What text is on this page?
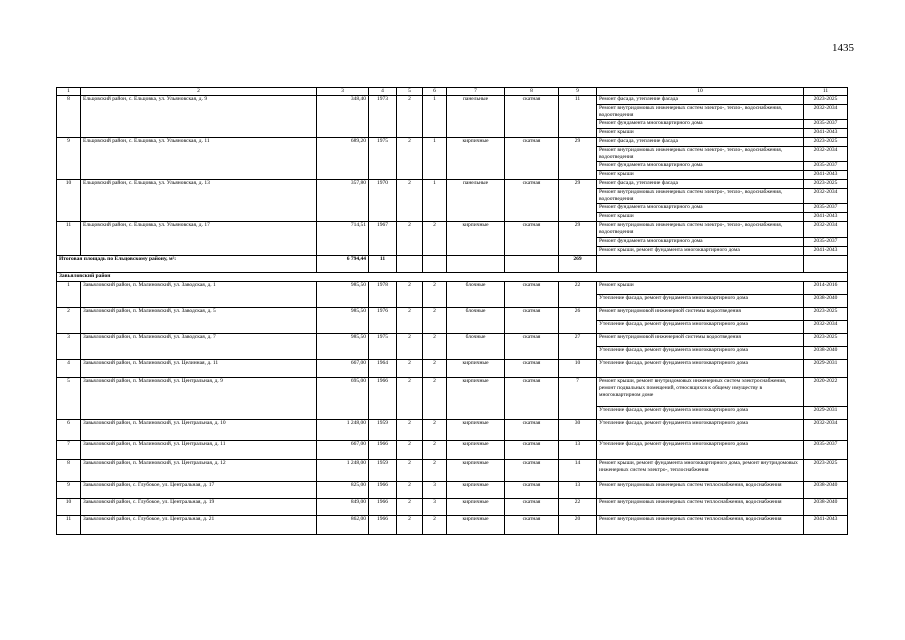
1435
1	2	3	4	5	6	7	8	9	10	11
8	Ельцовский район, с. Ельцовка, ул. Ульяновская, д. 9	348,40	1973	2	1	панельные	скатная	11	Ремонт фасада, утепление фасада	2023-2025
									Ремонт внутридомовых инженерных систем электро-, тепло-, водоснабжения, водоотведения	2032-2034
									Ремонт фундамента многоквартирного дома	2035-2037
									Ремонт крыши	2041-2043
9	Ельцовский район, с. Ельцовка, ул. Ульяновская, д. 11	689,20	1975	2	1	кирпичные	скатная	29	Ремонт фасада, утепление фасада	2023-2025
									Ремонт внутридомовых инженерных систем электро-, тепло-, водоснабжения, водоотведения	2032-2034
									Ремонт фундамента многоквартирного дома	2035-2037
									Ремонт крыши	2041-2043
10	Ельцовский район, с. Ельцовка, ул. Ульяновская, д. 13	357,80	1970	2	1	панельные	скатная	29	Ремонт фасада, утепление фасада	2023-2025
									Ремонт внутридомовых инженерных систем электро-, тепло-, водоснабжения, водоотведения	2032-2034
									Ремонт фундамента многоквартирного дома	2035-2037
									Ремонт крыши	2041-2043
11	Ельцовский район, с. Ельцовка, ул. Ульяновская, д. 17	714,51	1967	2	2	кирпичные	скатная	29	Ремонт внутридомовых инженерных систем электро-, тепло-, водоснабжения, водоотведения	2032-2034
									Ремонт фундамента многоквартирного дома	2035-2037
									Ремонт крыши, ремонт фундамента многоквартирного дома	2041-2043
Итоговая площадь по Ельцовскому району, м²:		6 794,44	11					269		
Завьяловский район										
1	Завьяловский район, п. Малиновский, ул. Заводская, д. 1	985,50	1978	2	2	блочные	скатная	22	Ремонт крыши	2014-2016
									Утепление фасада, ремонт фундамента многоквартирного дома	2038-2040
2	Завьяловский район, п. Малиновский, ул. Заводская, д. 5	985,50	1976	2	2	блочные	скатная	26	Ремонт внутридомовой инженерной системы водоотведения	2023-2025
									Утепление фасада, ремонт фундамента многоквартирного дома	2032-2034
3	Завьяловский район, п. Малиновский, ул. Заводская, д. 7	985,50	1975	2	2	блочные	скатная	27	Ремонт внутридомовой инженерной системы водоотведения	2023-2025
									Утепление фасада, ремонт фундамента многоквартирного дома	2038-2040
4	Завьяловский район, п. Малиновский, ул. Целинная, д. 11	667,00	1964	2	2	кирпичные	скатная	10	Утепление фасада, ремонт фундамента многоквартирного дома	2029-2031
5	Завьяловский район, п. Малиновский, ул. Центральная, д. 9	695,00	1966	2	2	кирпичные	скатная	7	Ремонт крыши, ремонт внутридомовых инженерных систем электроснабжения, ремонт подвальных помещений, относящихся к общему имуществу в многоквартирном доме	2020-2022
									Утепление фасада, ремонт фундамента многоквартирного дома	2029-2031
6	Завьяловский район, п. Малиновский, ул. Центральная, д. 10	1 248,00	1959	2	2	кирпичные	скатная	30	Утепление фасада, ремонт фундамента многоквартирного дома	2032-2034
7	Завьяловский район, п. Малиновский, ул. Центральная, д. 11	667,00	1966	2	2	кирпичные	скатная	13	Утепление фасада, ремонт фундамента многоквартирного дома	2035-2037
8	Завьяловский район, п. Малиновский, ул. Центральная, д. 12	1 248,00	1959	2	2	кирпичные	скатная	14	Ремонт крыши, ремонт фундамента многоквартирного дома, ремонт внутридомовых инженерных систем электро-, теплоснабжения	2023-2025
9	Завьяловский район, с. Глубокое, ул. Центральная, д. 17	825,00	1966	2	3	кирпичные	скатная	13	Ремонт внутридомовых инженерных систем теплоснабжения, водоснабжения	2038-2040
10	Завьяловский район, с. Глубокое, ул. Центральная, д. 19	849,00	1966	2	3	кирпичные	скатная	22	Ремонт внутридомовых инженерных систем теплоснабжения, водоснабжения	2038-2040
11	Завьяловский район, с. Глубокое, ул. Центральная, д. 21	862,00	1966	2	2	кирпичные	скатная	20	Ремонт внутридомовых инженерных систем теплоснабжения, водоснабжения	2041-2043
